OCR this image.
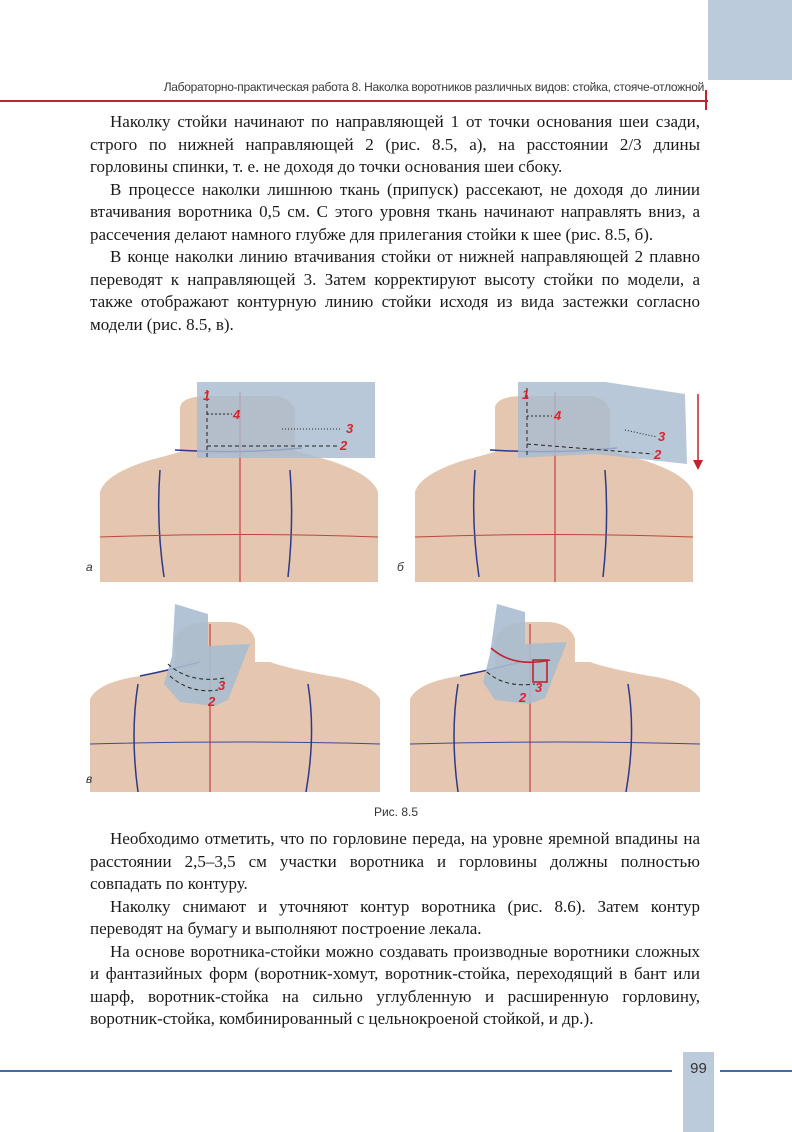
Лабораторно-практическая работа 8. Наколка воротников различных видов: стойка, стояче-отложной

Наколку стойки начинают по направляющей 1 от точки основания шеи сзади, строго по нижней направляющей 2 (рис. 8.5, а), на расстоянии 2/3 длины горловины спинки, т. е. не доходя до точки основания шеи сбоку.

В процессе наколки лишнюю ткань (припуск) рассекают, не доходя до линии втачивания воротника 0,5 см. С этого уровня ткань начинают направлять вниз, а рассечения делают намного глубже для прилегания стойки к шее (рис. 8.5, б).

В конце наколки линию втачивания стойки от нижней направляющей 2 плавно переводят к направляющей 3. Затем корректируют высоту стойки по модели, а также отображают контурную линию стойки исходя из вида застежки согласно модели (рис. 8.5, в).

1
4
3
2
а
1
4
3
2
б
3
2
в
3
2
Рис. 8.5

Необходимо отметить, что по горловине переда, на уровне яремной впадины на расстоянии 2,5–3,5 см участки воротника и горловины должны полностью совпадать по контуру.

Наколку снимают и уточняют контур воротника (рис. 8.6). Затем контур переводят на бумагу и выполняют построение лекала.

На основе воротника-стойки можно создавать производные воротники сложных и фантазийных форм (воротник-хомут, воротник-стойка, переходящий в бант или шарф, воротник-стойка на сильно углубленную и расширенную горловину, воротник-стойка, комбинированный с цельнокроеной стойкой, и др.).

99
